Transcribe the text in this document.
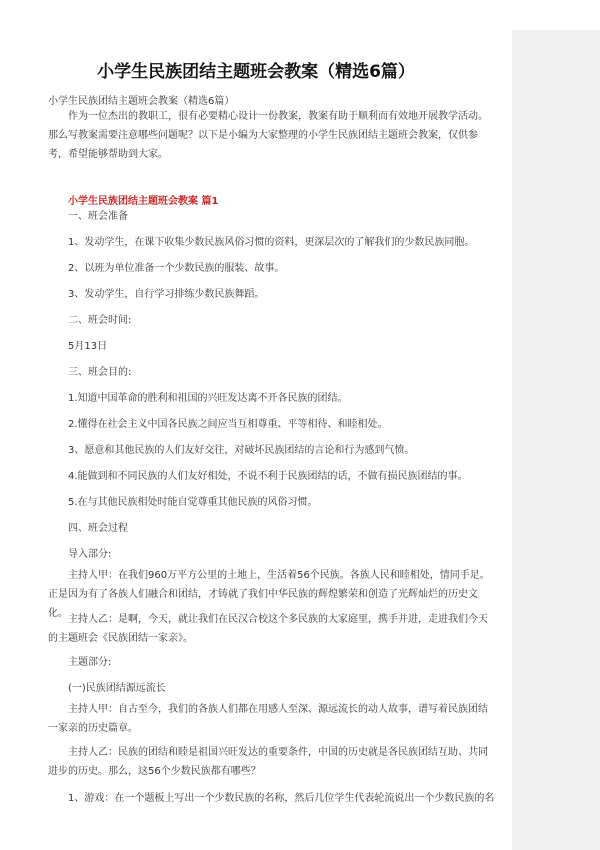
小学生民族团结主题班会教案（精选6篇）
小学生民族团结主题班会教案（精选6篇）

作为一位杰出的教职工，很有必要精心设计一份教案，教案有助于顺利而有效地开展教学活动。那么写教案需要注意哪些问题呢？以下是小编为大家整理的小学生民族团结主题班会教案，仅供参考，希望能够帮助到大家。

小学生民族团结主题班会教案 篇1

一、班会准备

1、发动学生，在课下收集少数民族风俗习惯的资料，更深层次的了解我们的少数民族同胞。

2、以班为单位准备一个少数民族的服装、故事。

3、发动学生，自行学习排练少数民族舞蹈。

二、班会时间:

5月13日

三、班会目的:

1.知道中国革命的胜利和祖国的兴旺发达离不开各民族的团结。

2.懂得在社会主义中国各民族之间应当互相尊重、平等相待、和睦相处。

3、愿意和其他民族的人们友好交往，对破坏民族团结的言论和行为感到气愤。

4.能做到和不同民族的人们友好相处，不说不利于民族团结的话，不做有损民族团结的事。

5.在与其他民族相处时能自觉尊重其他民族的风俗习惯。

四、班会过程

导入部分:

主持人甲：在我们960万平方公里的土地上，生活着56个民族。各族人民和睦相处，情同手足。正是因为有了各族人们融合和团结，才铸就了我们中华民族的辉煌繁荣和创造了光辉灿烂的历史文化。

主持人乙：是啊，今天，就让我们在民汉合校这个多民族的大家庭里，携手并进，走进我们今天的主题班会《民族团结一家亲》。

主题部分:

(一)民族团结源远流长

主持人甲：自古至今，我们的各族人们都在用感人至深、源远流长的动人故事，谱写着民族团结一家亲的历史篇章。

主持人乙：民族的团结和睦是祖国兴旺发达的重要条件，中国的历史就是各民族团结互助、共同进步的历史。那么，这56个少数民族都有哪些？

1、游戏：在一个题板上写出一个少数民族的名称，然后几位学生代表轮流说出一个少数民族的名
